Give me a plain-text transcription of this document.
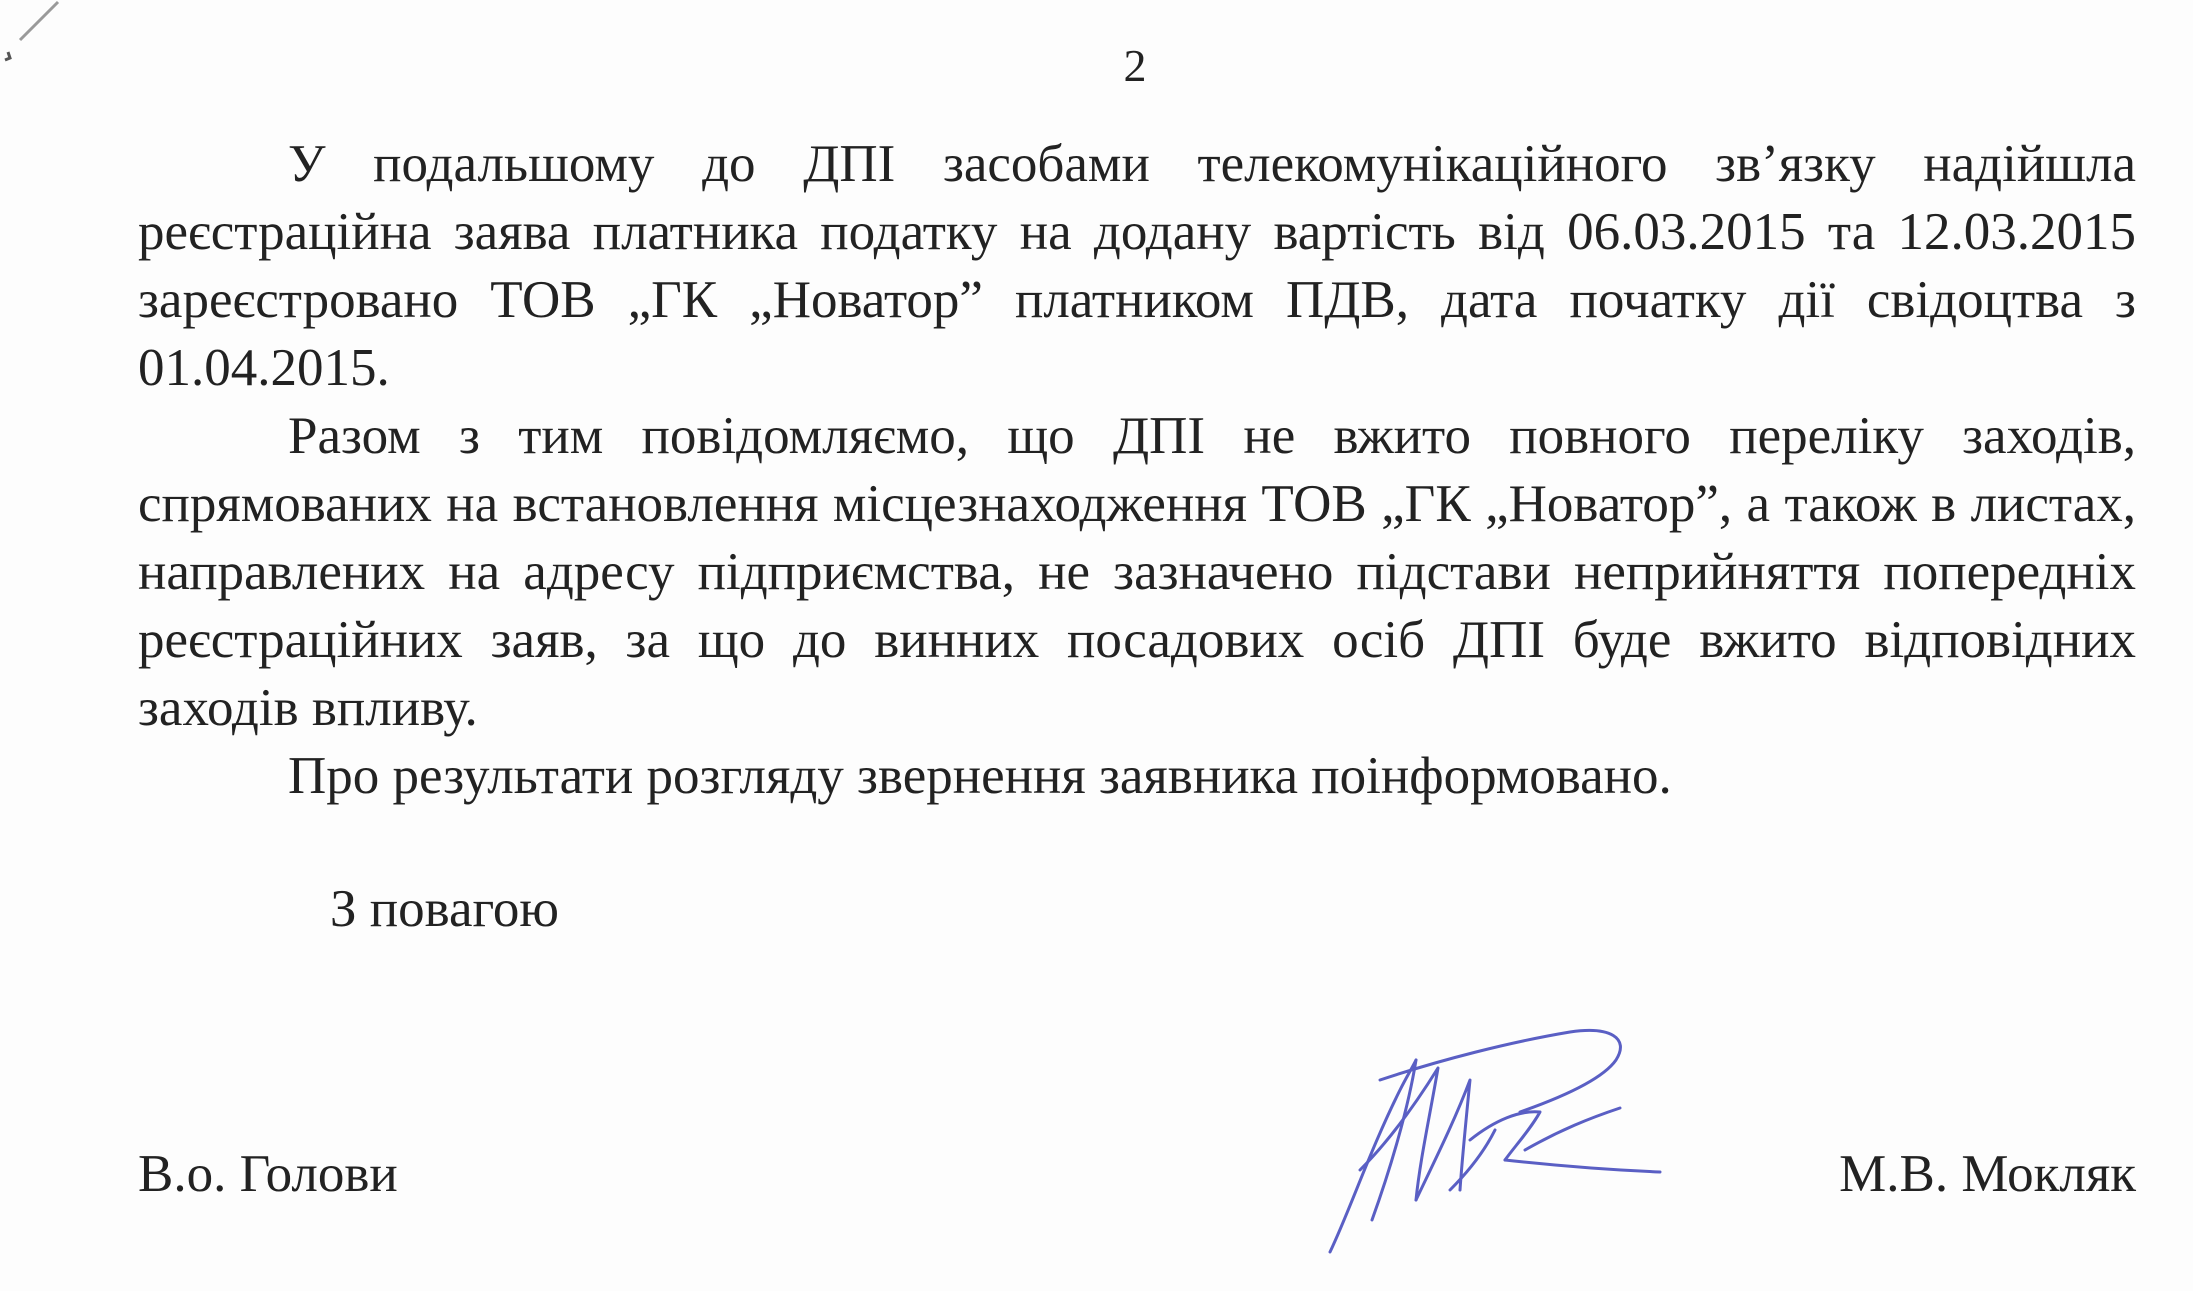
2

У подальшому до ДПІ засобами телекомунікаційного зв’язку надійшла реєстраційна заява платника податку на додану вартість від 06.03.2015 та 12.03.2015 зареєстровано ТОВ „ГК „Новатор” платником ПДВ, дата початку дії свідоцтва з 01.04.2015.

Разом з тим повідомляємо, що ДПІ не вжито повного переліку заходів, спрямованих на встановлення місцезнаходження ТОВ „ГК „Новатор”, а також в листах, направлених на адресу підприємства, не зазначено підстави неприйняття попередніх реєстраційних заяв, за що до винних посадових осіб ДПІ буде вжито відповідних заходів впливу.

Про результати розгляду звернення заявника поінформовано.

З повагою
В.о. Голови	М.В. Мокляк
